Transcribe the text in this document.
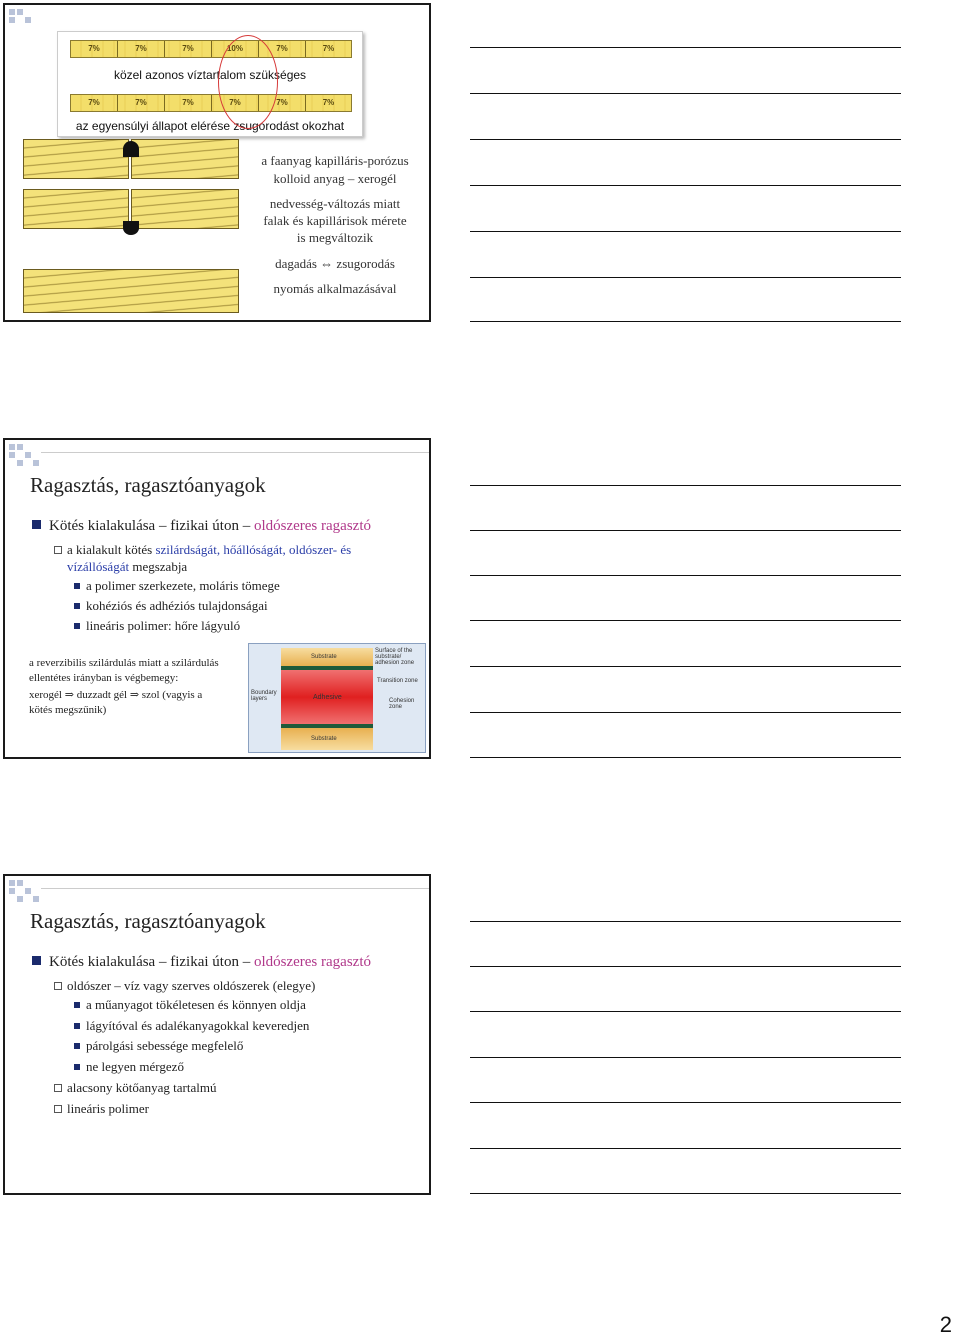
7%	7%	7%	10%	7%	7%
közel azonos víztartalom szükséges
7%	7%	7%	7%	7%	7%
az egyensúlyi állapot elérése zsugorodást okozhat
a faanyag kapilláris-porózus
kolloid anyag – xerogél
nedvesség-változás miatt
falak és kapillárisok mérete
is megváltozik
dagadás ⇔ zsugorodás
nyomás alkalmazásával
Ragasztás, ragasztóanyagok
Kötés kialakulása – fizikai úton – oldószeres ragasztó
a kialakult kötés szilárdságát, hőállóságát, oldószer- és vízállóságát megszabja
a polimer szerkezete, moláris tömege
kohéziós és adhéziós tulajdonságai
lineáris polimer: hőre lágyuló
a reverzibilis szilárdulás miatt a szilárdulás
ellentétes irányban is végbemegy:
xerogél ⇒ duzzadt gél ⇒ szol (vagyis a
kötés megszűnik)
Substrate
Adhesive
Substrate
Boundary layers
Surface of the substrate/ adhesion zone
Transition zone
Cohesion zone
Ragasztás, ragasztóanyagok
Kötés kialakulása – fizikai úton – oldószeres ragasztó
oldószer – víz vagy szerves oldószerek (elegye)
a műanyagot tökéletesen és könnyen oldja
lágyítóval és adalékanyagokkal keveredjen
párolgási sebessége megfelelő
ne legyen mérgező
alacsony kötőanyag tartalmú
lineáris polimer
2
